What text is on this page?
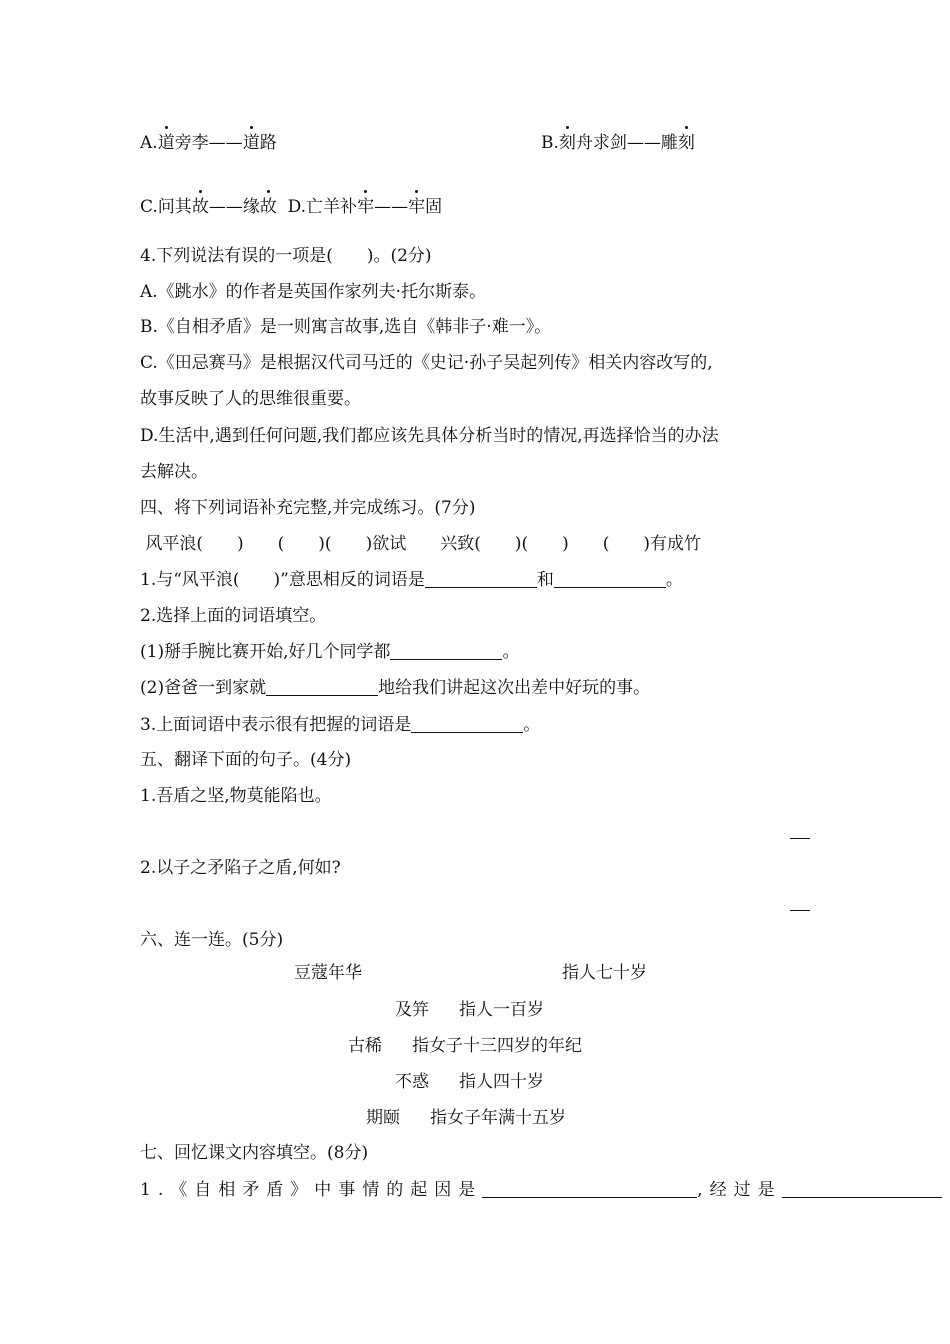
A.道旁李——道路	B.刻舟求剑——雕刻
C.问其故——缘故  D.亡羊补牢——牢固
4.下列说法有误的一项是(　　)。(2分)
A.《跳水》的作者是英国作家列夫·托尔斯泰。
B.《自相矛盾》是一则寓言故事,选自《韩非子·难一》。
C.《田忌赛马》是根据汉代司马迁的《史记·孙子吴起列传》相关内容改写的,
故事反映了人的思维很重要。
D.生活中,遇到任何问题,我们都应该先具体分析当时的情况,再选择恰当的办法
去解决。
四、将下列词语补充完整,并完成练习。(7分)
风平浪(　　)　　(　　)(　　)欲试　　兴致(　　)(　　)　　(　　)有成竹
1.与“风平浪(　　)”意思相反的词语是	和	。
2.选择上面的词语填空。
(1)掰手腕比赛开始,好几个同学都	。
(2)爸爸一到家就	地给我们讲起这次出差中好玩的事。
3.上面词语中表示很有把握的词语是	。
五、翻译下面的句子。(4分)
1.吾盾之坚,物莫能陷也。
2.以子之矛陷子之盾,何如?
六、连一连。(5分)
豆蔻年华	指人七十岁
及笄 指人一百岁
古稀 指女子十三四岁的年纪
不惑 指人四十岁
期颐 指女子年满十五岁
七、回忆课文内容填空。(8分)
1.《自相矛盾》中事情的起因是	,经过是
